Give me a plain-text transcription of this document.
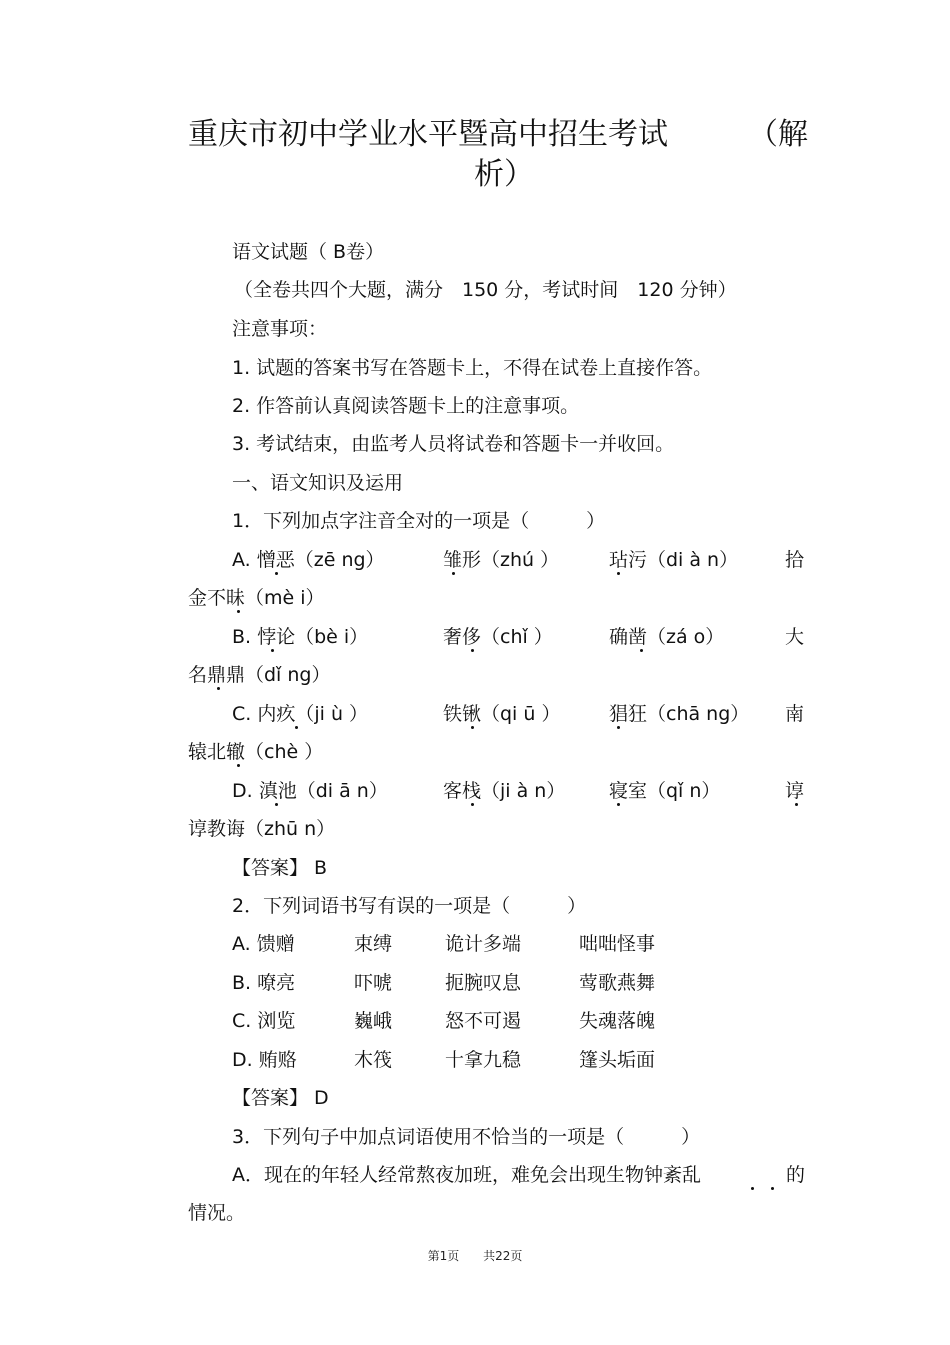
重庆市初中学业水平暨高中招生考试	（解
析）
语文试题（ B卷）
（全卷共四个大题，满分　150 分，考试时间　120 分钟）
注意事项：
1. 试题的答案书写在答题卡上，不得在试卷上直接作答。
2. 作答前认真阅读答题卡上的注意事项。
3. 考试结束，由监考人员将试卷和答题卡一并收回。
一、语文知识及运用
1．下列加点字注音全对的一项是（　　　）
A. 憎恶（zē ng）	雏形（zhú ）	玷污（di à n） 拾
金不昧（mè i）
B. 悖论（bè i）	奢侈（chǐ ）	确凿（zá o）	大
名鼎鼎（dǐ ng）
C. 内疚（ji ù ）	铁锹（qi ū ）	猖狂（chā ng） 南
辕北辙（chè ）
D. 滇池（di ā n）	客栈（ji à n） 寝室（qǐ n）	谆
谆教诲（zhū n）
【答案】 B
2．下列词语书写有误的一项是（　　　）
A. 馈赠	束缚	诡计多端	咄咄怪事
B. 嘹亮	吓唬	扼腕叹息	莺歌燕舞
C. 浏览	巍峨	怒不可遏	失魂落魄
D. 贿赂	木筏	十拿九稳	篷头垢面
【答案】 D
3．下列句子中加点词语使用不恰当的一项是（　　　）
A．现在的年轻人经常熬夜加班，难免会出现生物钟紊乱	的
情况。
第1页 共22页
